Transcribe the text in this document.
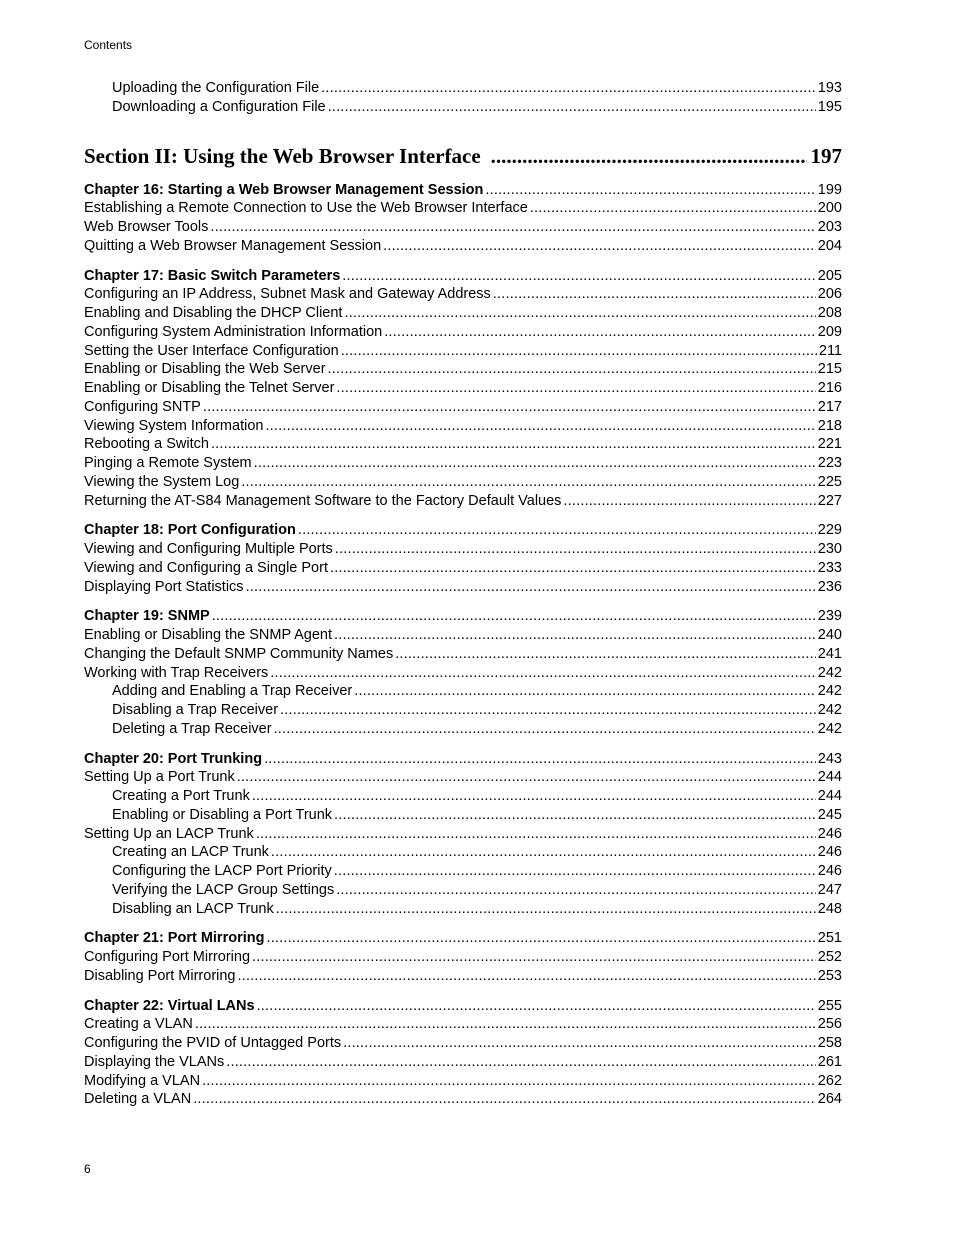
Contents
Uploading the Configuration File .....	193
Downloading a Configuration File .....	195
Section II: Using the Web Browser Interface .....	197
Chapter 16: Starting a Web Browser Management Session .....	199
Establishing a Remote Connection to Use the Web Browser Interface .....	200
Web Browser Tools .....	203
Quitting a Web Browser Management Session .....	204
Chapter 17: Basic Switch Parameters .....	205
Configuring an IP Address, Subnet Mask and Gateway Address .....	206
Enabling and Disabling the DHCP Client .....	208
Configuring System Administration Information .....	209
Setting the User Interface Configuration .....	211
Enabling or Disabling the Web Server .....	215
Enabling or Disabling the Telnet Server .....	216
Configuring SNTP .....	217
Viewing System Information .....	218
Rebooting a Switch .....	221
Pinging a Remote System .....	223
Viewing the System Log .....	225
Returning the AT-S84 Management Software to the Factory Default Values .....	227
Chapter 18: Port Configuration .....	229
Viewing and Configuring Multiple Ports .....	230
Viewing and Configuring a Single Port .....	233
Displaying Port Statistics .....	236
Chapter 19: SNMP .....	239
Enabling or Disabling the SNMP Agent .....	240
Changing the Default SNMP Community Names .....	241
Working with Trap Receivers .....	242
Adding and Enabling a Trap Receiver .....	242
Disabling a Trap Receiver .....	242
Deleting a Trap Receiver .....	242
Chapter 20: Port Trunking .....	243
Setting Up a Port Trunk .....	244
Creating a Port Trunk .....	244
Enabling or Disabling a Port Trunk .....	245
Setting Up an LACP Trunk .....	246
Creating an LACP Trunk .....	246
Configuring the LACP Port Priority .....	246
Verifying the LACP Group Settings .....	247
Disabling an LACP Trunk .....	248
Chapter 21: Port Mirroring .....	251
Configuring Port Mirroring .....	252
Disabling Port Mirroring .....	253
Chapter 22: Virtual LANs .....	255
Creating a VLAN .....	256
Configuring the PVID of Untagged Ports .....	258
Displaying the VLANs .....	261
Modifying a VLAN .....	262
Deleting a VLAN .....	264
6
